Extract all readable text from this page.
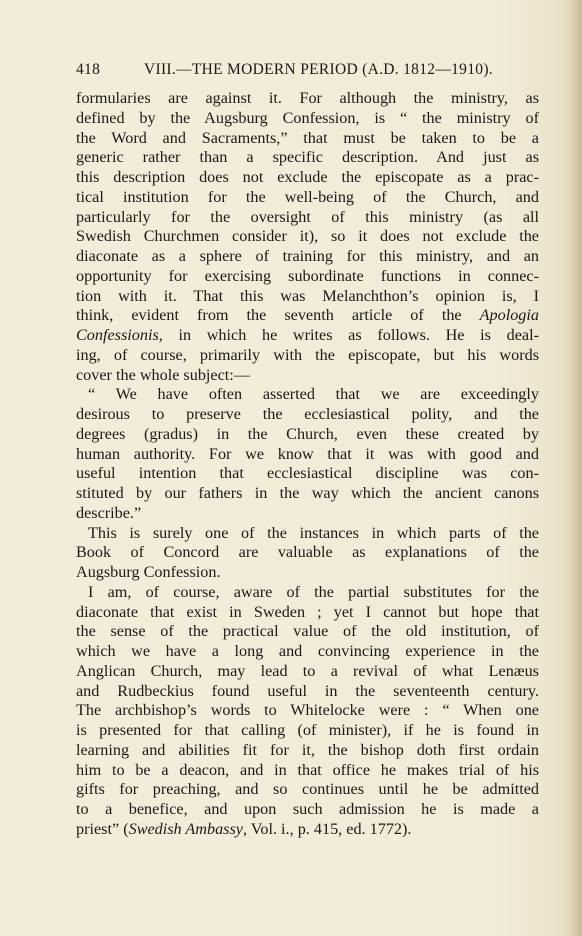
418	VIII.—THE MODERN PERIOD (A.D. 1812—1910).
formularies are against it. For although the ministry, as
defined by the Augsburg Confession, is “ the ministry of
the Word and Sacraments,” that must be taken to be a
generic rather than a specific description. And just as
this description does not exclude the episcopate as a prac-
tical institution for the well-being of the Church, and
particularly for the oversight of this ministry (as all
Swedish Churchmen consider it), so it does not exclude the
diaconate as a sphere of training for this ministry, and an
opportunity for exercising subordinate functions in connec-
tion with it. That this was Melanchthon’s opinion is, I
think, evident from the seventh article of the Apologia
Confessionis, in which he writes as follows. He is deal-
ing, of course, primarily with the episcopate, but his words
cover the whole subject:—
“ We have often asserted that we are exceedingly
desirous to preserve the ecclesiastical polity, and the
degrees (gradus) in the Church, even these created by
human authority. For we know that it was with good and
useful intention that ecclesiastical discipline was con-
stituted by our fathers in the way which the ancient canons
describe.”
This is surely one of the instances in which parts of the
Book of Concord are valuable as explanations of the
Augsburg Confession.
I am, of course, aware of the partial substitutes for the
diaconate that exist in Sweden ; yet I cannot but hope that
the sense of the practical value of the old institution, of
which we have a long and convincing experience in the
Anglican Church, may lead to a revival of what Lenæus
and Rudbeckius found useful in the seventeenth century.
The archbishop’s words to Whitelocke were : “ When one
is presented for that calling (of minister), if he is found in
learning and abilities fit for it, the bishop doth first ordain
him to be a deacon, and in that office he makes trial of his
gifts for preaching, and so continues until he be admitted
to a benefice, and upon such admission he is made a
priest” (Swedish Ambassy, Vol. i., p. 415, ed. 1772).
